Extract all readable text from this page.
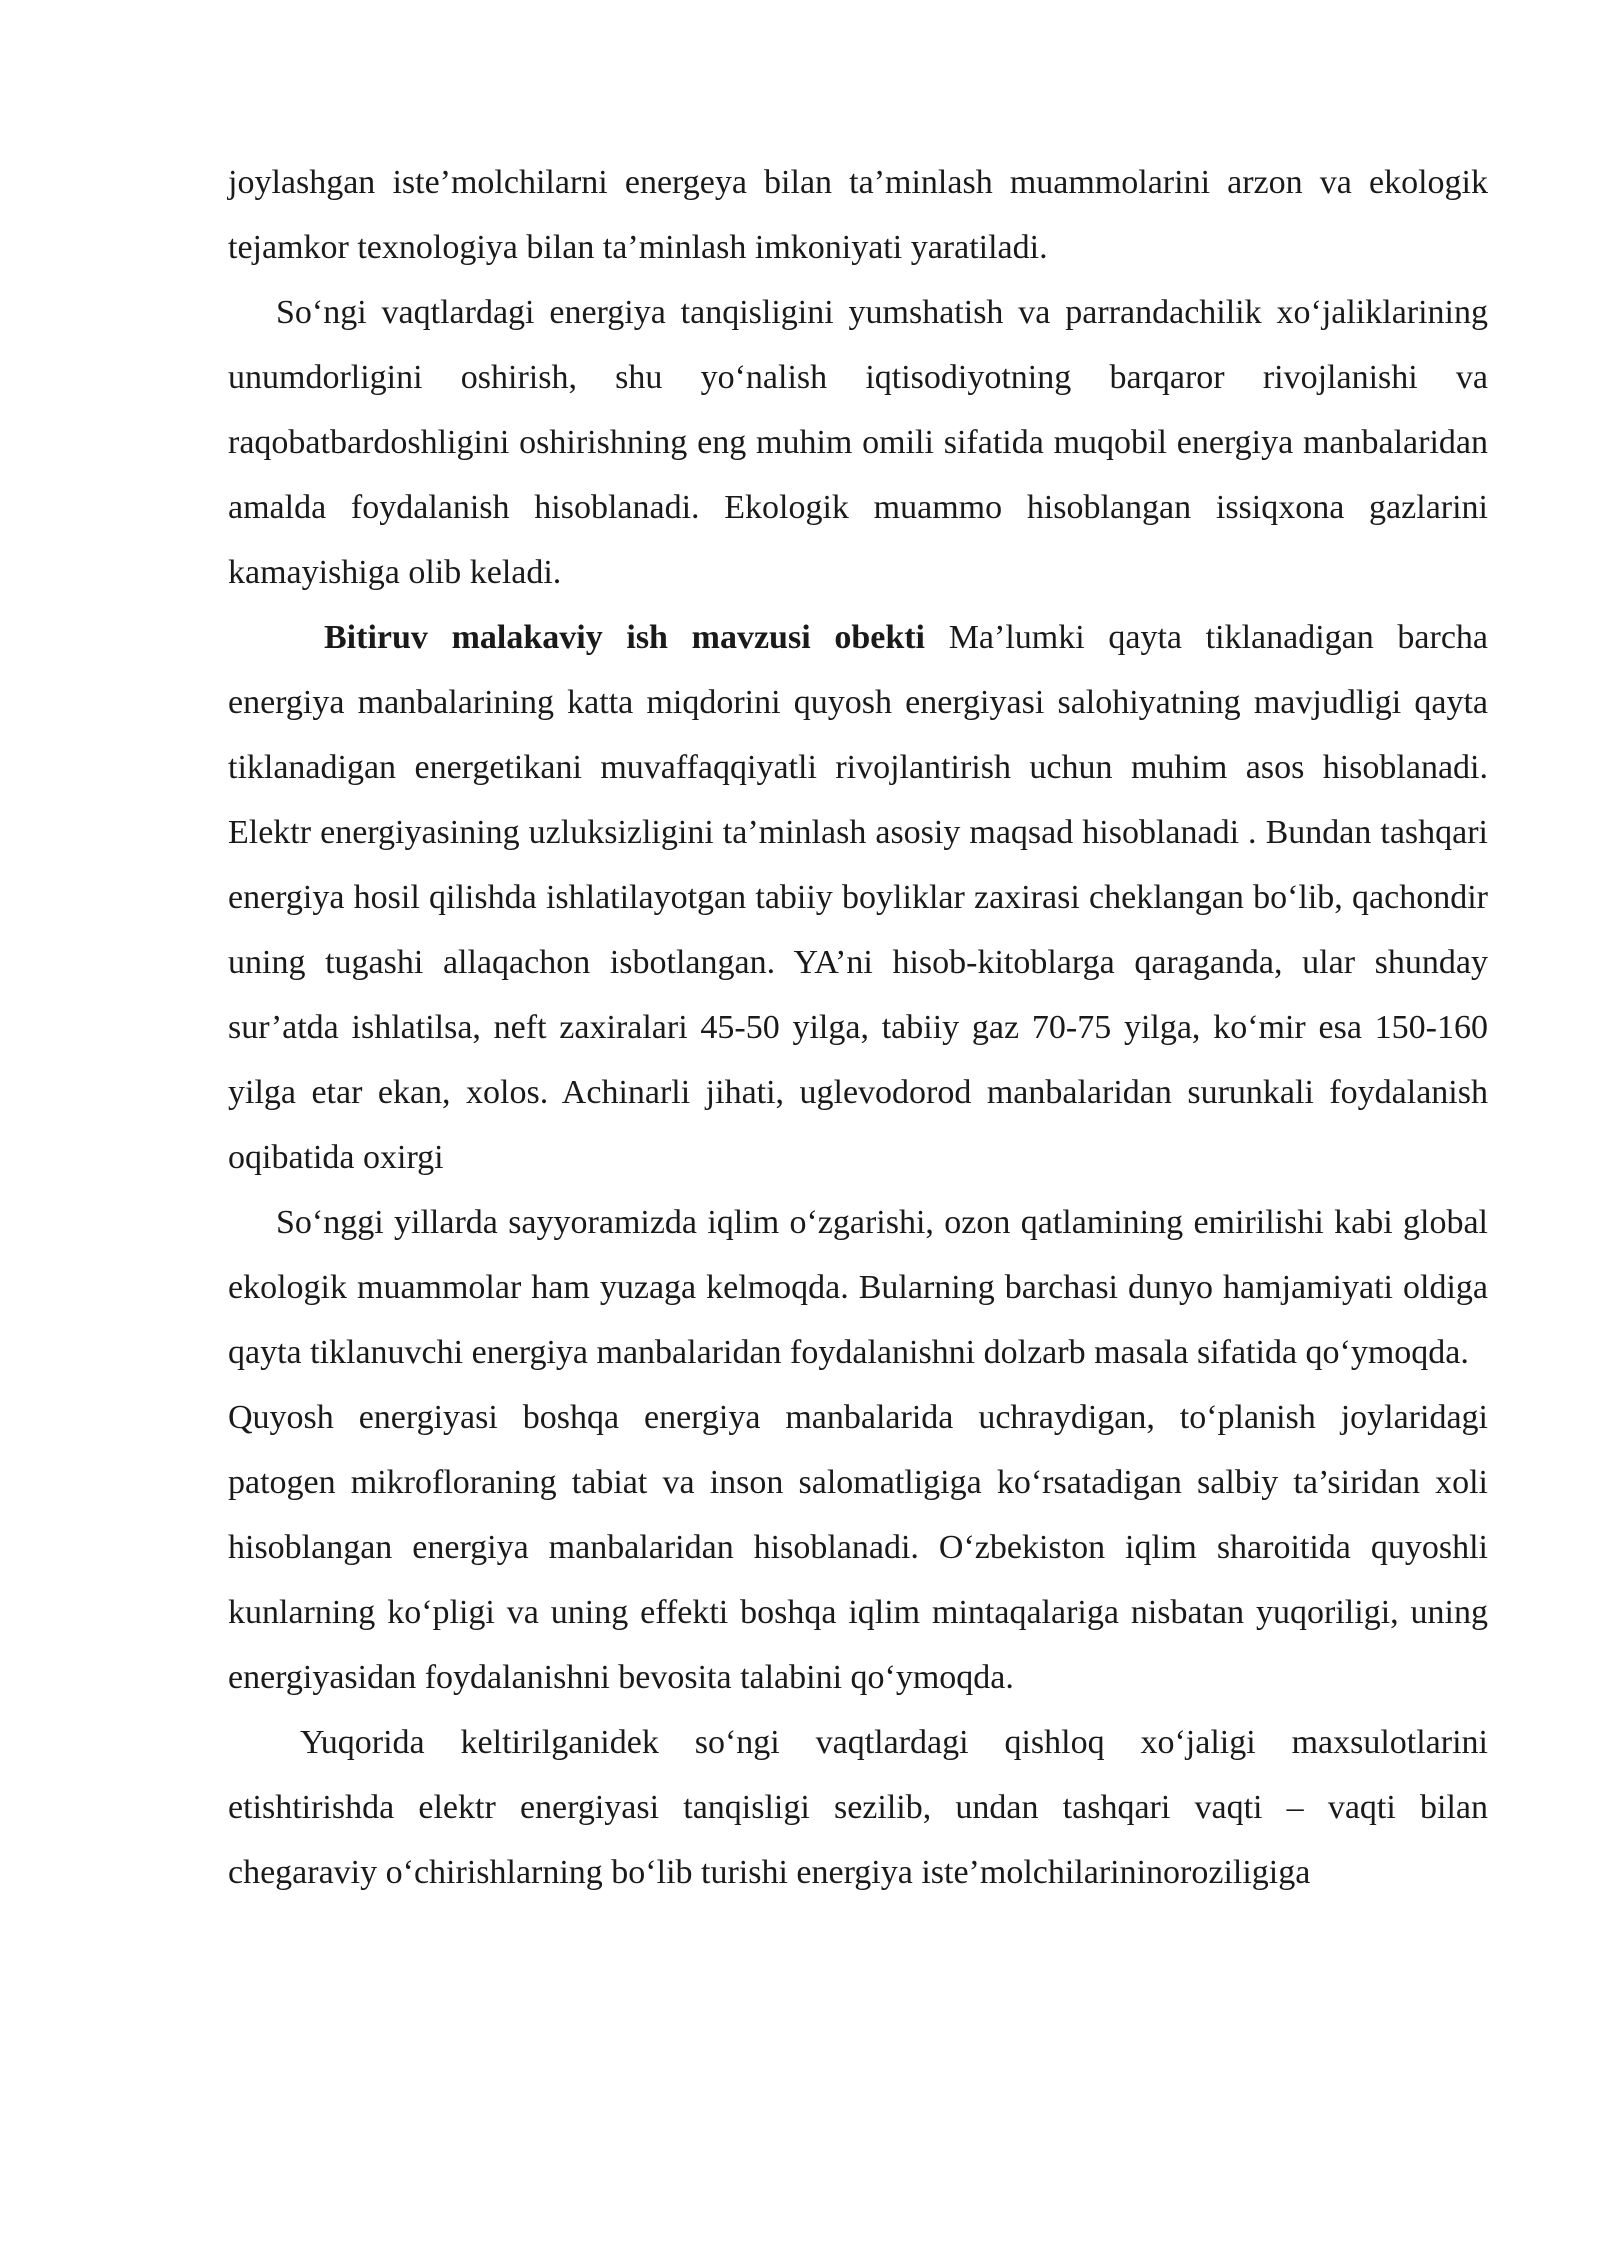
joylashgan iste’molchilarni energeya bilan ta’minlash muammolarini arzon va ekologik tejamkor texnologiya bilan ta’minlash imkoniyati yaratiladi.

So‘ngi vaqtlardagi energiya tanqisligini yumshatish va parrandachilik xo‘jaliklarining unumdorligini oshirish, shu yo‘nalish iqtisodiyotning barqaror rivojlanishi va raqobatbardoshligini oshirishning eng muhim omili sifatida muqobil energiya manbalaridan amalda foydalanish hisoblanadi. Ekologik muammo hisoblangan issiqxona gazlarini kamayishiga olib keladi.

Bitiruv malakaviy ish mavzusi obekti Ma’lumki qayta tiklanadigan barcha energiya manbalarining katta miqdorini quyosh energiyasi salohiyatning mavjudligi qayta tiklanadigan energetikani muvaffaqqiyatli rivojlantirish uchun muhim asos hisoblanadi. Elektr energiyasining uzluksizligini ta’minlash asosiy maqsad hisoblanadi . Bundan tashqari energiya hosil qilishda ishlatilayotgan tabiiy boyliklar zaxirasi cheklangan bo‘lib, qachondir uning tugashi allaqachon isbotlangan. YA’ni hisob-kitoblarga qaraganda, ular shunday sur’atda ishlatilsa, neft zaxiralari 45-50 yilga, tabiiy gaz 70-75 yilga, ko‘mir esa 150-160 yilga etar ekan, xolos. Achinarli jihati, uglevodorod manbalaridan surunkali foydalanish oqibatida oxirgi

So‘nggi yillarda sayyoramizda iqlim o‘zgarishi, ozon qatlamining emirilishi kabi global ekologik muammolar ham yuzaga kelmoqda. Bularning barchasi dunyo hamjamiyati oldiga qayta tiklanuvchi energiya manbalaridan foydalanishni dolzarb masala sifatida qo‘ymoqda.

Quyosh energiyasi boshqa energiya manbalarida uchraydigan, to‘planish joylaridagi patogen mikrofloraning tabiat va inson salomatligiga ko‘rsatadigan salbiy ta’siridan xoli hisoblangan energiya manbalaridan hisoblanadi. O‘zbekiston iqlim sharoitida quyoshli kunlarning ko‘pligi va uning effekti boshqa iqlim mintaqalariga nisbatan yuqoriligi, uning energiyasidan foydalanishni bevosita talabini qo‘ymoqda.

Yuqorida keltirilganidek so‘ngi vaqtlardagi qishloq xo‘jaligi maxsulotlarini etishtirishda elektr energiyasi tanqisligi sezilib, undan tashqari vaqti – vaqti bilan chegaraviy o‘chirishlarning bo‘lib turishi energiya iste’molchilarininoroziligiga
